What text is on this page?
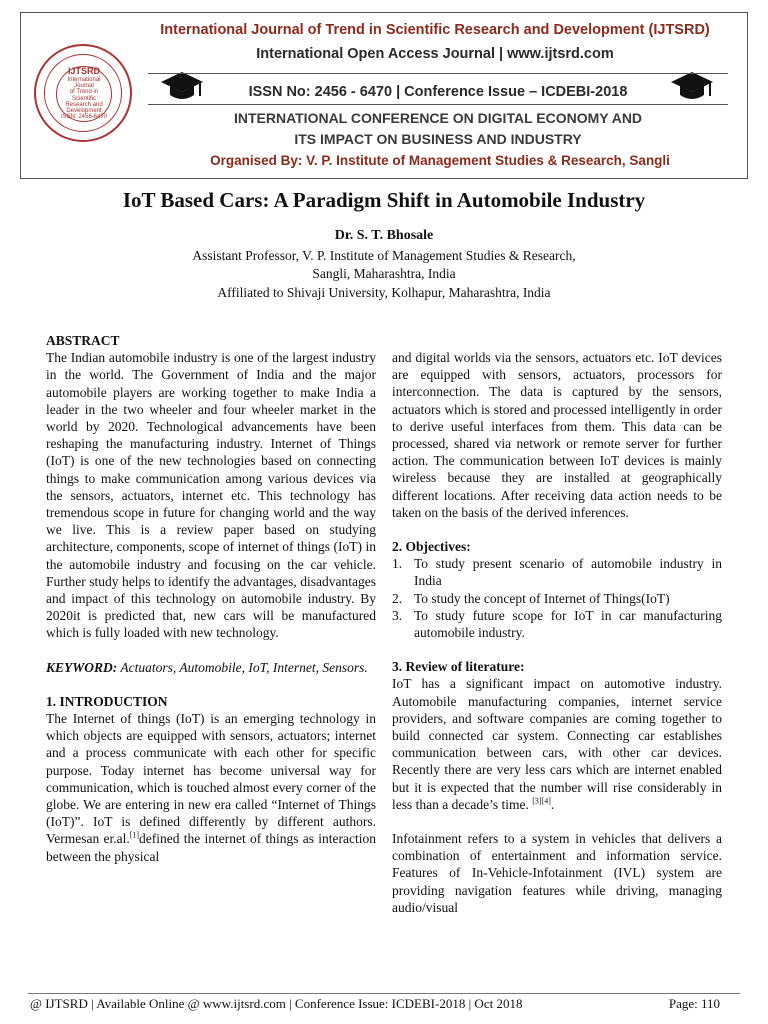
IJTSRD
International Journal
of Trend in Scientific
Research and
Development
ISSN: 2456-6470
International Journal of Trend in Scientific Research and Development (IJTSRD)
International Open Access Journal | www.ijtsrd.com
ISSN No: 2456 - 6470 | Conference Issue – ICDEBI-2018
INTERNATIONAL CONFERENCE ON DIGITAL ECONOMY AND
ITS IMPACT ON BUSINESS AND INDUSTRY
Organised By: V. P. Institute of Management Studies & Research, Sangli
IoT Based Cars: A Paradigm Shift in Automobile Industry
Dr. S. T. Bhosale
Assistant Professor, V. P. Institute of Management Studies & Research,
Sangli, Maharashtra, India
Affiliated to Shivaji University, Kolhapur, Maharashtra, India

ABSTRACT

The Indian automobile industry is one of the largest industry in the world. The Government of India and the major automobile players are working together to make India a leader in the two wheeler and four wheeler market in the world by 2020. Technological advancements have been reshaping the manufacturing industry. Internet of Things (IoT) is one of the new technologies based on connecting things to make communication among various devices via the sensors, actuators, internet etc. This technology has tremendous scope in future for changing world and the way we live. This is a review paper based on studying architecture, components, scope of internet of things (IoT) in the automobile industry and focusing on the car vehicle. Further study helps to identify the advantages, disadvantages and impact of this technology on automobile industry. By 2020it is predicted that, new cars will be manufactured which is fully loaded with new technology.

KEYWORD: Actuators, Automobile, IoT, Internet, Sensors.

1. INTRODUCTION

The Internet of things (IoT) is an emerging technology in which objects are equipped with sensors, actuators; internet and a process communicate with each other for specific purpose. Today internet has become universal way for communication, which is touched almost every corner of the globe. We are entering in new era called “Internet of Things (IoT)”. IoT is defined differently by different authors. Vermesan er.al.[1]defined the internet of things as interaction between the physical

and digital worlds via the sensors, actuators etc. IoT devices are equipped with sensors, actuators, processors for interconnection. The data is captured by the sensors, actuators which is stored and processed intelligently in order to derive useful interfaces from them. This data can be processed, shared via network or remote server for further action. The communication between IoT devices is mainly wireless because they are installed at geographically different locations. After receiving data action needs to be taken on the basis of the derived inferences.

2. Objectives:

1. To study present scenario of automobile industry in India
2. To study the concept of Internet of Things(IoT)
3. To study future scope for IoT in car manufacturing automobile industry.

3. Review of literature:

IoT has a significant impact on automotive industry. Automobile manufacturing companies, internet service providers, and software companies are coming together to build connected car system. Connecting car establishes communication between cars, with other car devices. Recently there are very less cars which are internet enabled but it is expected that the number will rise considerably in less than a decade’s time. [3][4].

Infotainment refers to a system in vehicles that delivers a combination of entertainment and information service. Features of In-Vehicle-Infotainment (IVL) system are providing navigation features while driving, managing audio/visual

@ IJTSRD | Available Online @ www.ijtsrd.com | Conference Issue: ICDEBI-2018 | Oct 2018	Page: 110
